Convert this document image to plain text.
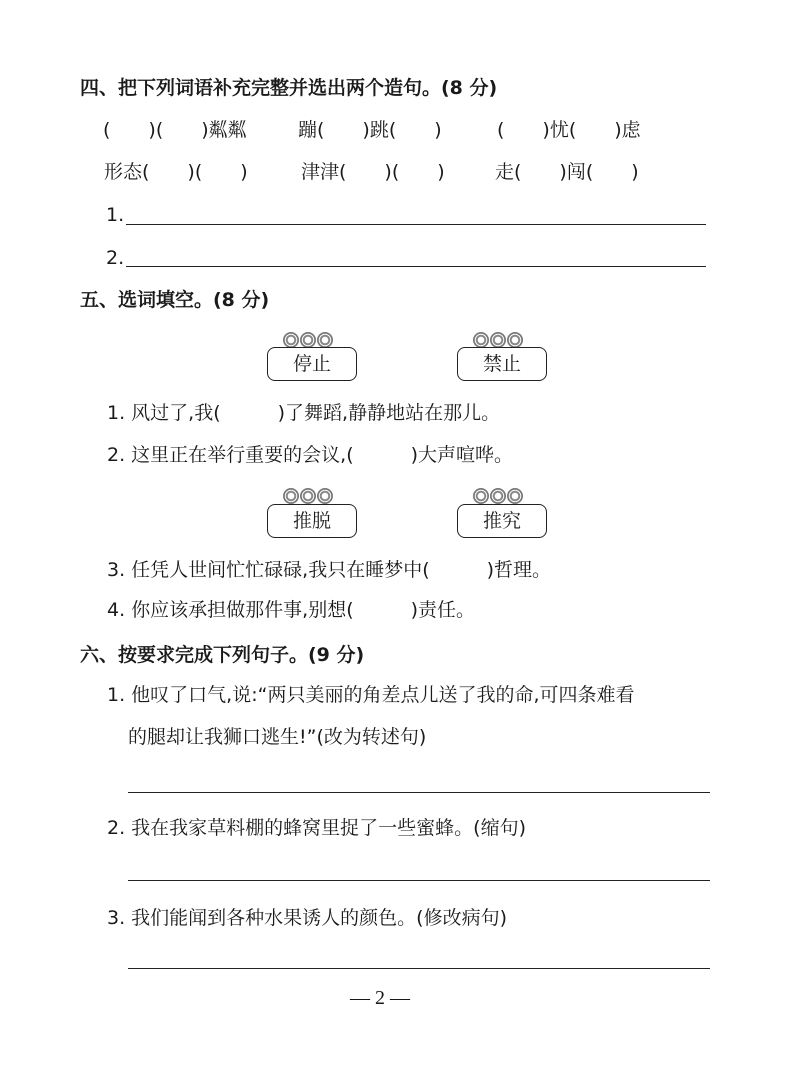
四、把下列词语补充完整并选出两个造句。(8 分)
(　　)(　　)粼粼	蹦(　　)跳(　　)	(　　)忧(　　)虑
形态(　　)(　　)	津津(　　)(　　)	走(　　)闯(　　)
1.
2.
五、选词填空。(8 分)
停止	禁止
1. 风过了,我(　　　)了舞蹈,静静地站在那儿。
2. 这里正在举行重要的会议,(　　　)大声喧哗。
推脱	推究
3. 任凭人世间忙忙碌碌,我只在睡梦中(　　　)哲理。
4. 你应该承担做那件事,别想(　　　)责任。
六、按要求完成下列句子。(9 分)
1. 他叹了口气,说:“两只美丽的角差点儿送了我的命,可四条难看
的腿却让我狮口逃生!”(改为转述句)
2. 我在我家草料棚的蜂窝里捉了一些蜜蜂。(缩句)
3. 我们能闻到各种水果诱人的颜色。(修改病句)
— 2 —
